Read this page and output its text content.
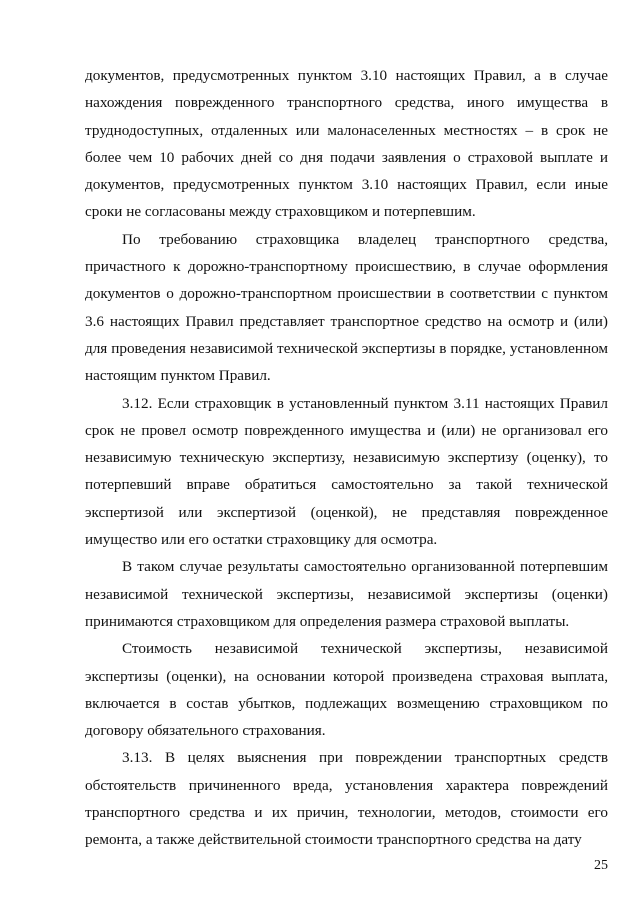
документов, предусмотренных пунктом 3.10 настоящих Правил, а в случае нахождения поврежденного транспортного средства, иного имущества в труднодоступных, отдаленных или малонаселенных местностях – в срок не более чем 10 рабочих дней со дня подачи заявления о страховой выплате и документов, предусмотренных пунктом 3.10 настоящих Правил, если иные сроки не согласованы между страховщиком и потерпевшим.

По требованию страховщика владелец транспортного средства, причастного к дорожно-транспортному происшествию, в случае оформления документов о дорожно-транспортном происшествии в соответствии с пунктом 3.6 настоящих Правил представляет транспортное средство на осмотр и (или) для проведения независимой технической экспертизы в порядке, установленном настоящим пунктом Правил.

3.12. Если страховщик в установленный пунктом 3.11 настоящих Правил срок не провел осмотр поврежденного имущества и (или) не организовал его независимую техническую экспертизу, независимую экспертизу (оценку), то потерпевший вправе обратиться самостоятельно за такой технической экспертизой или экспертизой (оценкой), не представляя поврежденное имущество или его остатки страховщику для осмотра.

В таком случае результаты самостоятельно организованной потерпевшим независимой технической экспертизы, независимой экспертизы (оценки) принимаются страховщиком для определения размера страховой выплаты.

Стоимость независимой технической экспертизы, независимой экспертизы (оценки), на основании которой произведена страховая выплата, включается в состав убытков, подлежащих возмещению страховщиком по договору обязательного страхования.

3.13. В целях выяснения при повреждении транспортных средств обстоятельств причиненного вреда, установления характера повреждений транспортного средства и их причин, технологии, методов, стоимости его ремонта, а также действительной стоимости транспортного средства на дату

25
